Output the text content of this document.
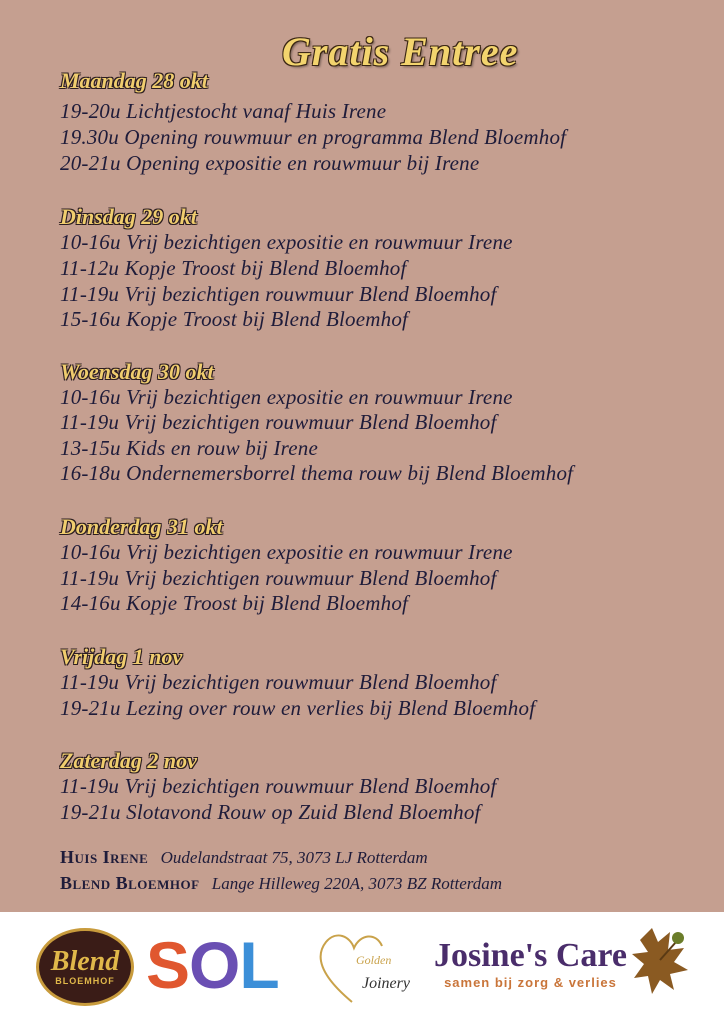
Gratis Entree
Maandag 28 okt
19-20u Lichtjestocht vanaf Huis Irene
19.30u Opening rouwmuur en programma Blend Bloemhof
20-21u Opening expositie en rouwmuur bij Irene
Dinsdag 29 okt
10-16u Vrij bezichtigen expositie en rouwmuur Irene
11-12u Kopje Troost bij Blend Bloemhof
11-19u Vrij bezichtigen rouwmuur Blend Bloemhof
15-16u Kopje Troost bij Blend Bloemhof
Woensdag 30 okt
10-16u Vrij bezichtigen expositie en rouwmuur Irene
11-19u Vrij bezichtigen rouwmuur Blend Bloemhof
13-15u Kids en rouw bij Irene
16-18u Ondernemersborrel thema rouw bij Blend Bloemhof
Donderdag 31 okt
10-16u Vrij bezichtigen expositie en rouwmuur Irene
11-19u Vrij bezichtigen rouwmuur Blend Bloemhof
14-16u Kopje Troost bij Blend Bloemhof
Vrijdag 1 nov
11-19u Vrij bezichtigen rouwmuur Blend Bloemhof
19-21u Lezing over rouw en verlies bij Blend Bloemhof
Zaterdag 2 nov
11-19u Vrij bezichtigen rouwmuur Blend Bloemhof
19-21u Slotavond Rouw op Zuid Blend Bloemhof
Huis Irene Oudelandstraat 75, 3073 LJ Rotterdam
Blend Bloemhof Lange Hilleweg 220A, 3073 BZ Rotterdam
Blend
BLOEMHOF SOL	Golden
Joinery
Josine's Care
samen bij zorg & verlies
